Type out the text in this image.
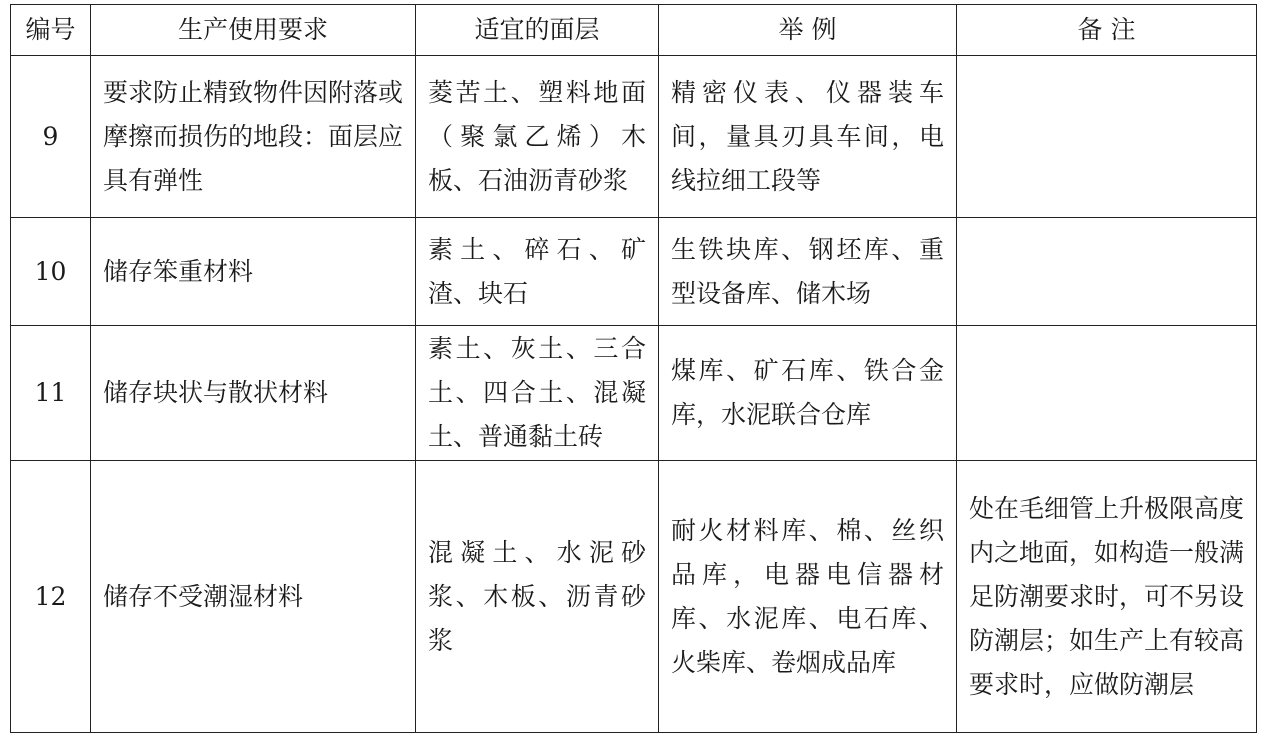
编号	生产使用要求	适宜的面层	举 例	备 注
9	要求防止精致物件因附落或摩擦而损伤的地段：面层应具有弹性	菱苦土、塑料地面（聚氯乙烯）木板、石油沥青砂浆	精密仪表、仪器装车间，量具刃具车间，电线拉细工段等	
10	储存笨重材料	素土、碎石、矿渣、块石	生铁块库、钢坯库、重型设备库、储木场	
11	储存块状与散状材料	素土、灰土、三合土、四合土、混凝土、普通黏土砖	煤库、矿石库、铁合金库，水泥联合仓库	
12	储存不受潮湿材料	混凝土、水泥砂浆、木板、沥青砂浆	耐火材料库、棉、丝织品库，电器电信器材库、水泥库、电石库、火柴库、卷烟成品库	处在毛细管上升极限高度内之地面，如构造一般满足防潮要求时，可不另设防潮层；如生产上有较高要求时，应做防潮层
